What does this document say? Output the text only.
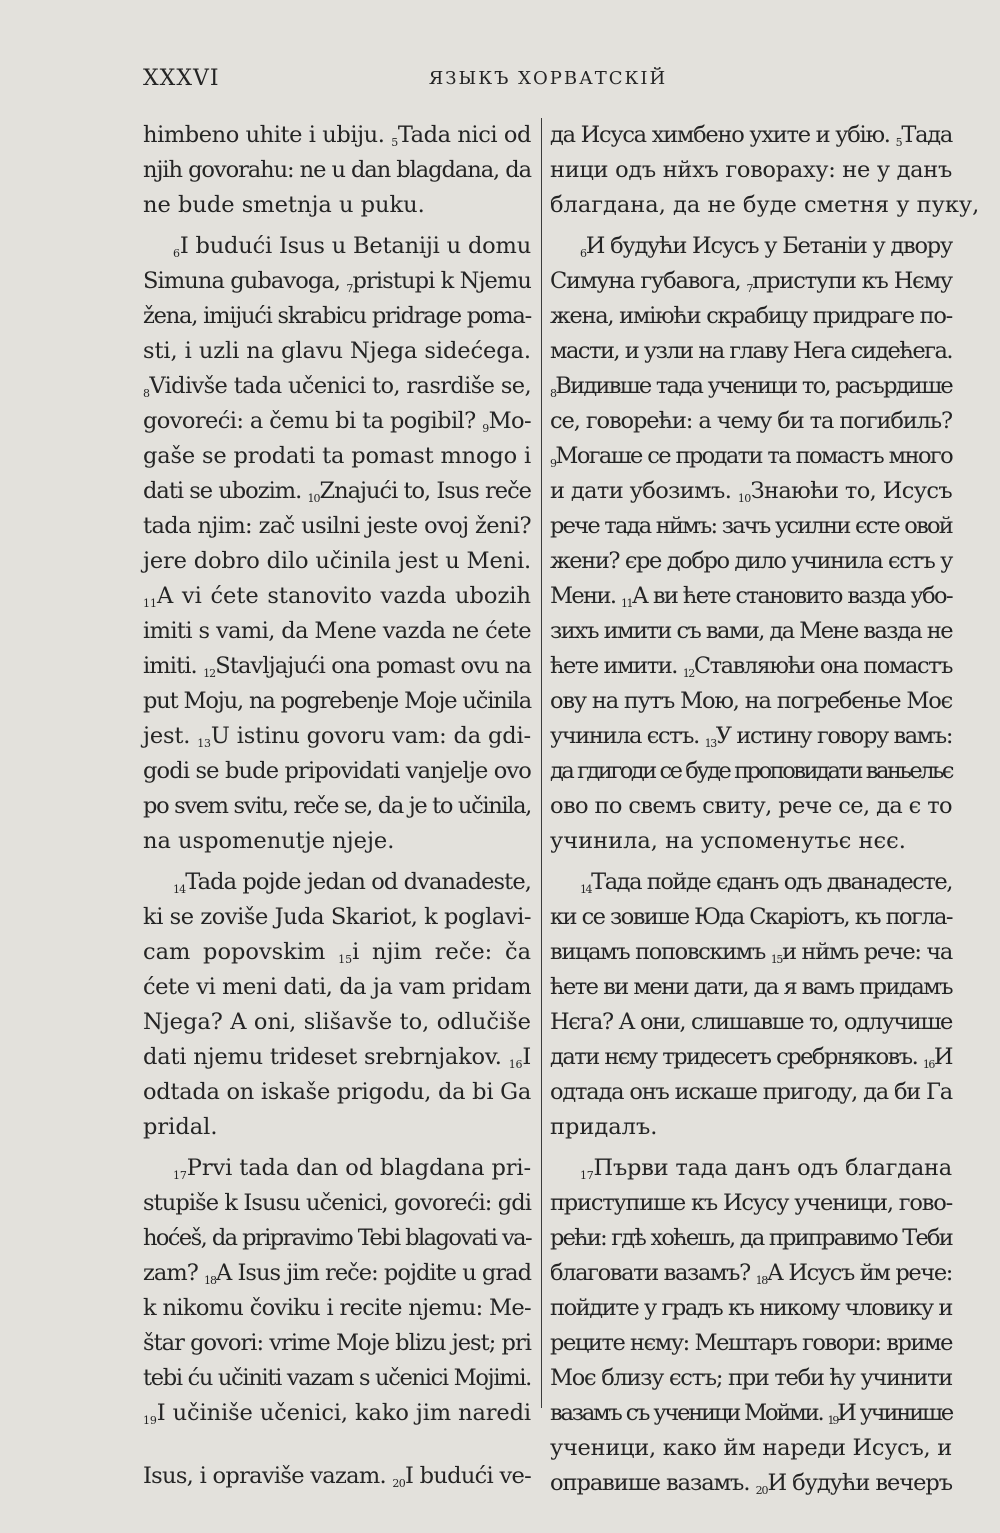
XXXVI	ЯЗЫКЪ ХОРВАТСКІЙ
himbeno uhite i ubiju. $_5$Tada nici od
njih govorahu: ne u dan blagdana, da
ne bude smetnja u puku.
$_6$I budući Isus u Betaniji u domu
Simuna gubavoga, $_7$pristupi k Njemu
žena, imijući skrabicu pridrage poma-
sti, i uzli na glavu Njega sidećega.
$_8$Vidivše tada učenici to, rasrdiše se,
govoreći: a čemu bi ta pogibil? $_9$Mo-
gaše se prodati ta pomast mnogo i
dati se ubozim. $_{10}$Znajući to, Isus reče
tada njim: zač usilni jeste ovoj ženi?
jere dobro dilo učinila jest u Meni.
$_{11}$A vi ćete stanovito vazda ubozih
imiti s vami, da Mene vazda ne ćete
imiti. $_{12}$Stavljajući ona pomast ovu na
put Moju, na pogrebenje Moje učinila
jest. $_{13}$U istinu govoru vam: da gdi-
godi se bude pripovidati vanjelje ovo
po svem svitu, reče se, da je to učinila,
na uspomenutje njeje.
$_{14}$Tada pojde jedan od dvanadeste,
ki se zoviše Juda Skariot, k poglavi-
cam popovskim $_{15}$i njim reče: ča
ćete vi meni dati, da ja vam pridam
Njega? A oni, slišavše to, odlučiše
dati njemu trideset srebrnjakov. $_{16}$I
odtada on iskaše prigodu, da bi Ga
pridal.
$_{17}$Prvi tada dan od blagdana pri-
stupiše k Isusu učenici, govoreći: gdi
hoćeš, da pripravimo Tebi blagovati va-
zam? $_{18}$A Isus jim reče: pojdite u grad
k nikomu čoviku i recite njemu: Me-
štar govori: vrime Moje blizu jest; pri
tebi ću učiniti vazam s učenici Mojimi.
$_{19}$I učiniše učenici, kako jim naredi
Isus, i opraviše vazam. $_{20}$I budući ve-
да Исуса химбено ухите и убію. $_5$Тада
ници одъ нйхъ говораху: не у данъ
благдана, да не буде сметня у пуку,
$_6$И будући Исусъ у Бетаніи у двору
Симуна губавога, $_7$приступи къ Нєму
жена, имiюћи скрабицу придраге по-
масти, и узли на главу Нега сидећега.
$_8$Видивше тада ученици то, расърдише
се, говорећи: а чему би та погибиль?
$_9$Могаше се продати та помастъ много
и дати убозимъ. $_{10}$Знаюћи то, Исусъ
рече тада нймъ: зачъ усилни єсте овой
жени? єре добро дило учинила єстъ у
Мени. $_{11}$А ви ћете становито вазда убо-
зихъ имити съ вами, да Мене вазда не
ћете имити. $_{12}$Ставляюћи она помастъ
ову на путъ Мою, на погребенье Моє
учинила єстъ. $_{13}$У истину говору вамъ:
да гдигоди се буде проповидати ваньельє
ово по свемъ свиту, рече се, да є то
учинила, на успоменутьє нєє.
$_{14}$Тада пойде єданъ одъ дванадесте,
ки се зовише Юда Скаріотъ, къ погла-
вицамъ поповскимъ $_{15}$и нймъ рече: ча
ћете ви мени дати, да я вамъ придамъ
Нєга? А они, слишавше то, одлучише
дати нєму тридесетъ сребрняковъ. $_{16}$И
одтада онъ искаше пригоду, да би Га
придалъ.
$_{17}$Първи тада данъ одъ благдана
приступише къ Исусу ученици, гово-
рећи: гдѣ хоћешъ, да приправимо Теби
благовати вазамъ? $_{18}$А Исусъ йм рече:
пойдите у градъ къ никому чловику и
реците нєму: Мештаръ говори: вриме
Моє близу єстъ; при теби ћу учинити
вазамъ съ ученици Мойми. $_{19}$И учинише
ученици, како йм нареди Исусъ, и
оправише вазамъ. $_{20}$И будући вечеръ
